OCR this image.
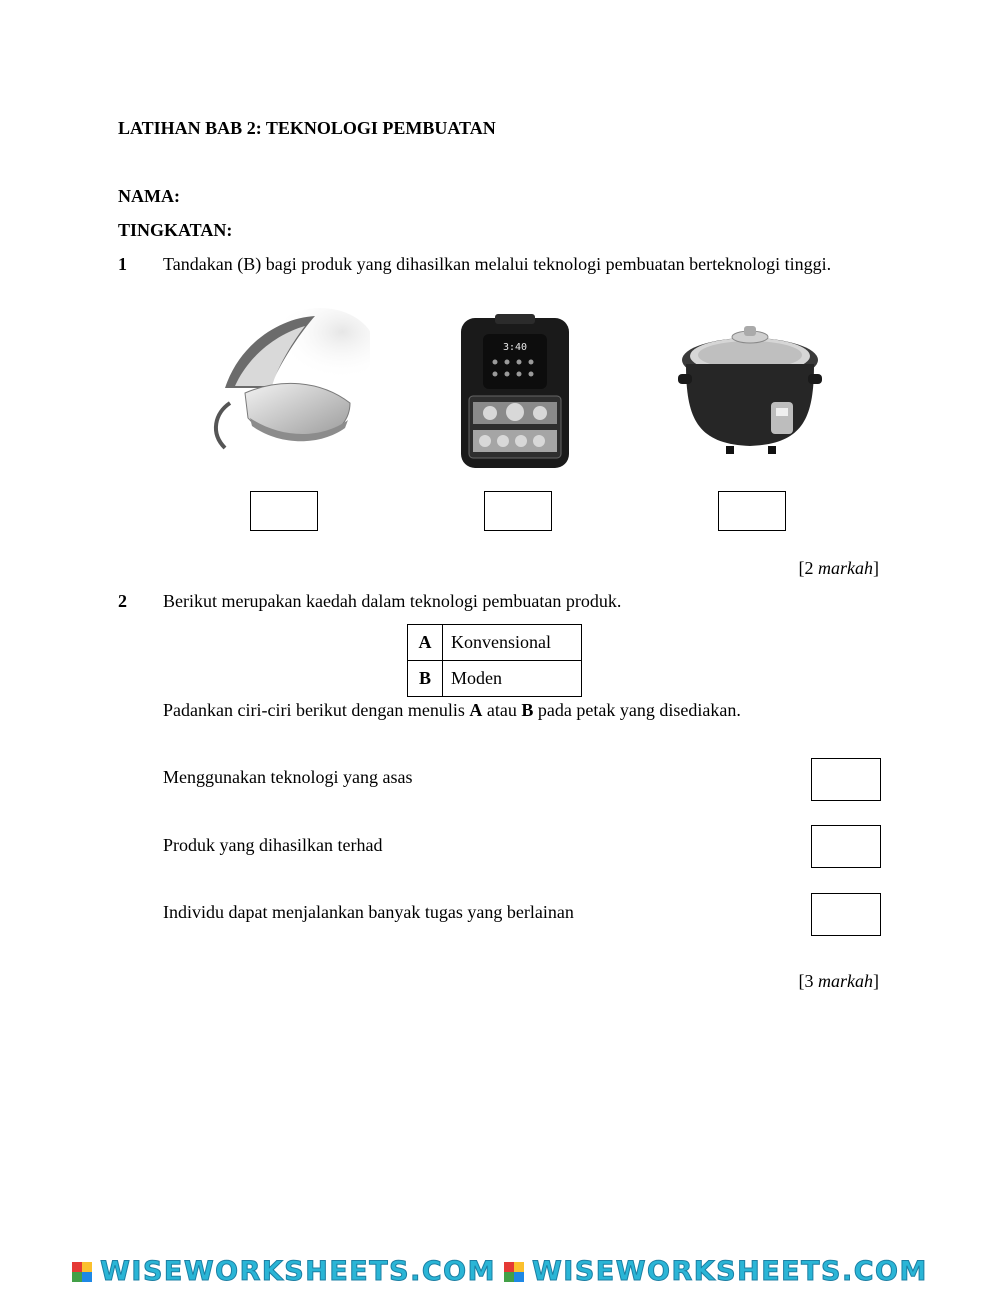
LATIHAN BAB 2: TEKNOLOGI PEMBUATAN
NAMA:
TINGKATAN:
1 Tandakan (B) bagi produk yang dihasilkan melalui teknologi pembuatan berteknologi tinggi.
3:40
[2 markah]
2 Berikut merupakan kaedah dalam teknologi pembuatan produk.
A	Konvensional
B	Moden
Padankan ciri-ciri berikut dengan menulis A atau B pada petak yang disediakan.
Menggunakan teknologi yang asas
Produk yang dihasilkan terhad
Individu dapat menjalankan banyak tugas yang berlainan
[3 markah]
WISEWORKSHEETS.COM WISEWORKSHEETS.COM
